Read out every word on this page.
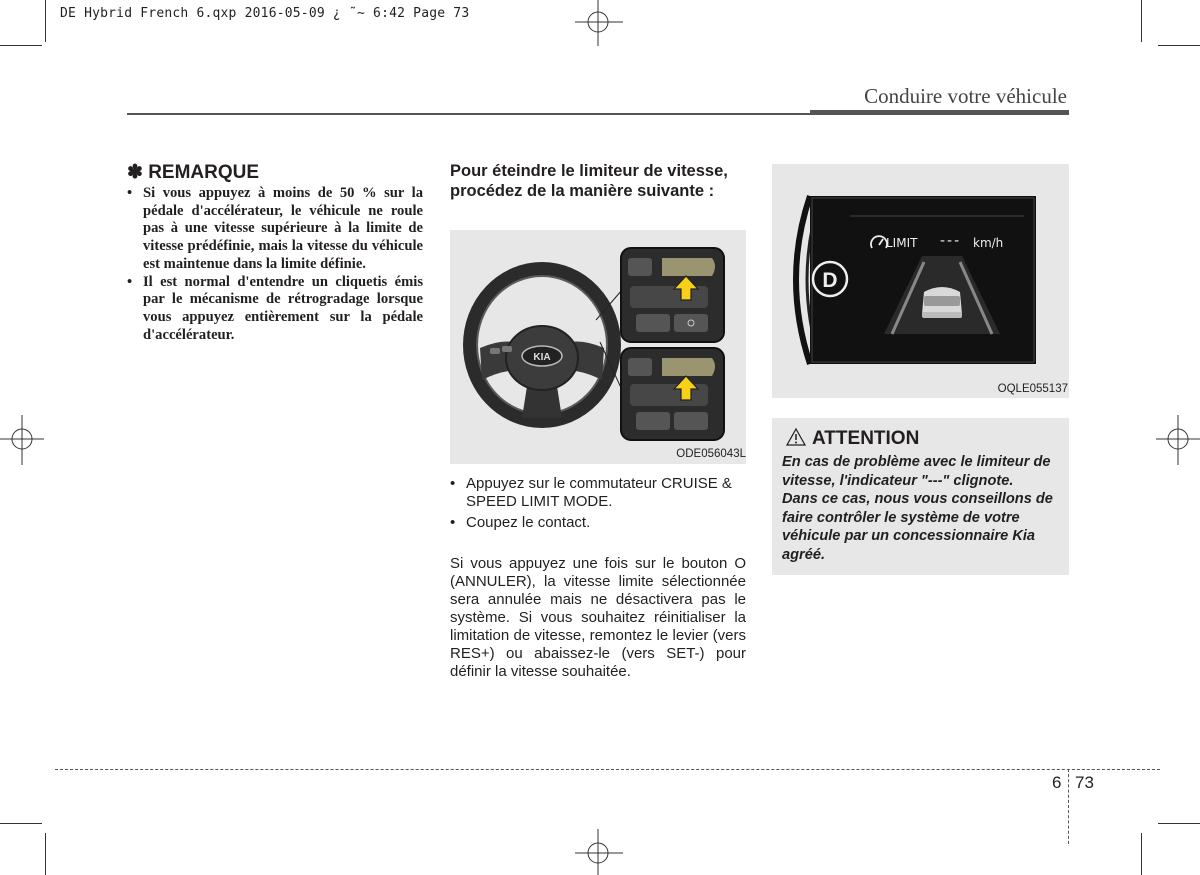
DE Hybrid French 6.qxp 2016-05-09 ¿ ˜~ 6:42 Page 73
Conduire votre véhicule
✽ REMARQUE
• Si vous appuyez à moins de 50 % sur la pédale d'accélérateur, le véhicule ne roule pas à une vitesse supérieure à la limite de vitesse prédéfinie, mais la vitesse du véhicule est maintenue dans la limite définie.
• Il est normal d'entendre un cliquetis émis par le mécanisme de rétrogradage lorsque vous appuyez entièrement sur la pédale d'accélérateur.
Pour éteindre le limiteur de vitesse, procédez de la manière suivante :
KIA
ODE056043L
• Appuyez sur le commutateur CRUISE & SPEED LIMIT MODE.
• Coupez le contact.

Si vous appuyez une fois sur le bouton O (ANNULER), la vitesse limite sélectionnée sera annulée mais ne désactivera pas le système. Si vous souhaitez réinitialiser la limitation de vitesse, remontez le levier (vers RES+) ou abaissez-le (vers SET-) pour définir la vitesse souhaitée.

LIMIT --- km/h
D
OQLE055137
ATTENTION

En cas de problème avec le limiteur de vitesse, l'indicateur "---" clignote.

Dans ce cas, nous vous conseillons de faire contrôler le système de votre véhicule par un concessionnaire Kia agréé.

6 73
